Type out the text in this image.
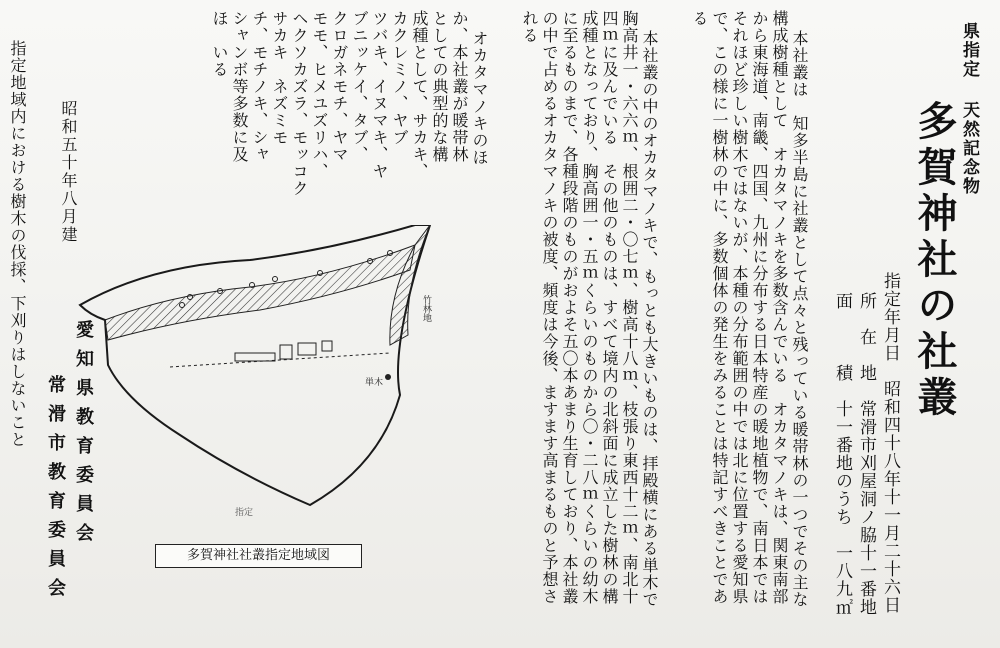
県指定 天然記念物
多賀神社の社叢
指定年月日　昭和四十八年十一月二十六日
所　在　地　常滑市刈屋洞ノ脇十一番地
面　　　積　十一番地のうち　一八九㎡
本社叢は　知多半島に社叢として点々と残っている暖帯林の一つでその主な
構成樹種として　オカタマノキを多数含んでいる　オカタマノキは、関東南部
から東海道、南畿、四国、九州に分布する日本特産の暖地植物で、南日本では
それほど珍しい樹木ではないが、本種の分布範囲の中では北に位置する愛知県
で、この様に一樹林の中に、多数個体の発生をみることは特記すべきことであ
る
本社叢の中のオカタマノキで、もっとも大きいものは、拝殿横にある単木で
胸高井一・六六ｍ、根囲二・〇七ｍ、樹高十八ｍ、枝張り東西十二ｍ、南北十
四ｍに及んでいる　その他のものは、すべて境内の北斜面に成立した樹林の構
成種となっており、胸高囲一・五ｍくらいのものから〇・二八ｍくらいの幼木
に至るものまで、各種段階のものがおよそ五〇本あまり生育しており、本社叢
の中で占めるオカタマノキの被度、頻度は今後、ますます高まるものと予想さ
れる
オカタマノキのほ
か、本社叢が暖帯林
としての典型的な構
成種として、サカキ、
カクレミノ、ヤブ
ツバキ、イヌマキ、ヤ
ブニッケイ、タブ、
クロガネモチ、ヤマ
モモ、ヒメユズリハ、
ヘクソカズラ、モッコク
サカキ　ネズミモ
チ、モチノキ、シャ
シャンボ等多数に及
ほ　いる
単木
竹林地
指定
多賀神社社叢指定地域図
昭和五十年八月建
指定地域内における樹木の伐採、下刈りはしないこと	愛知県教育委員会
常滑市教育委員会
